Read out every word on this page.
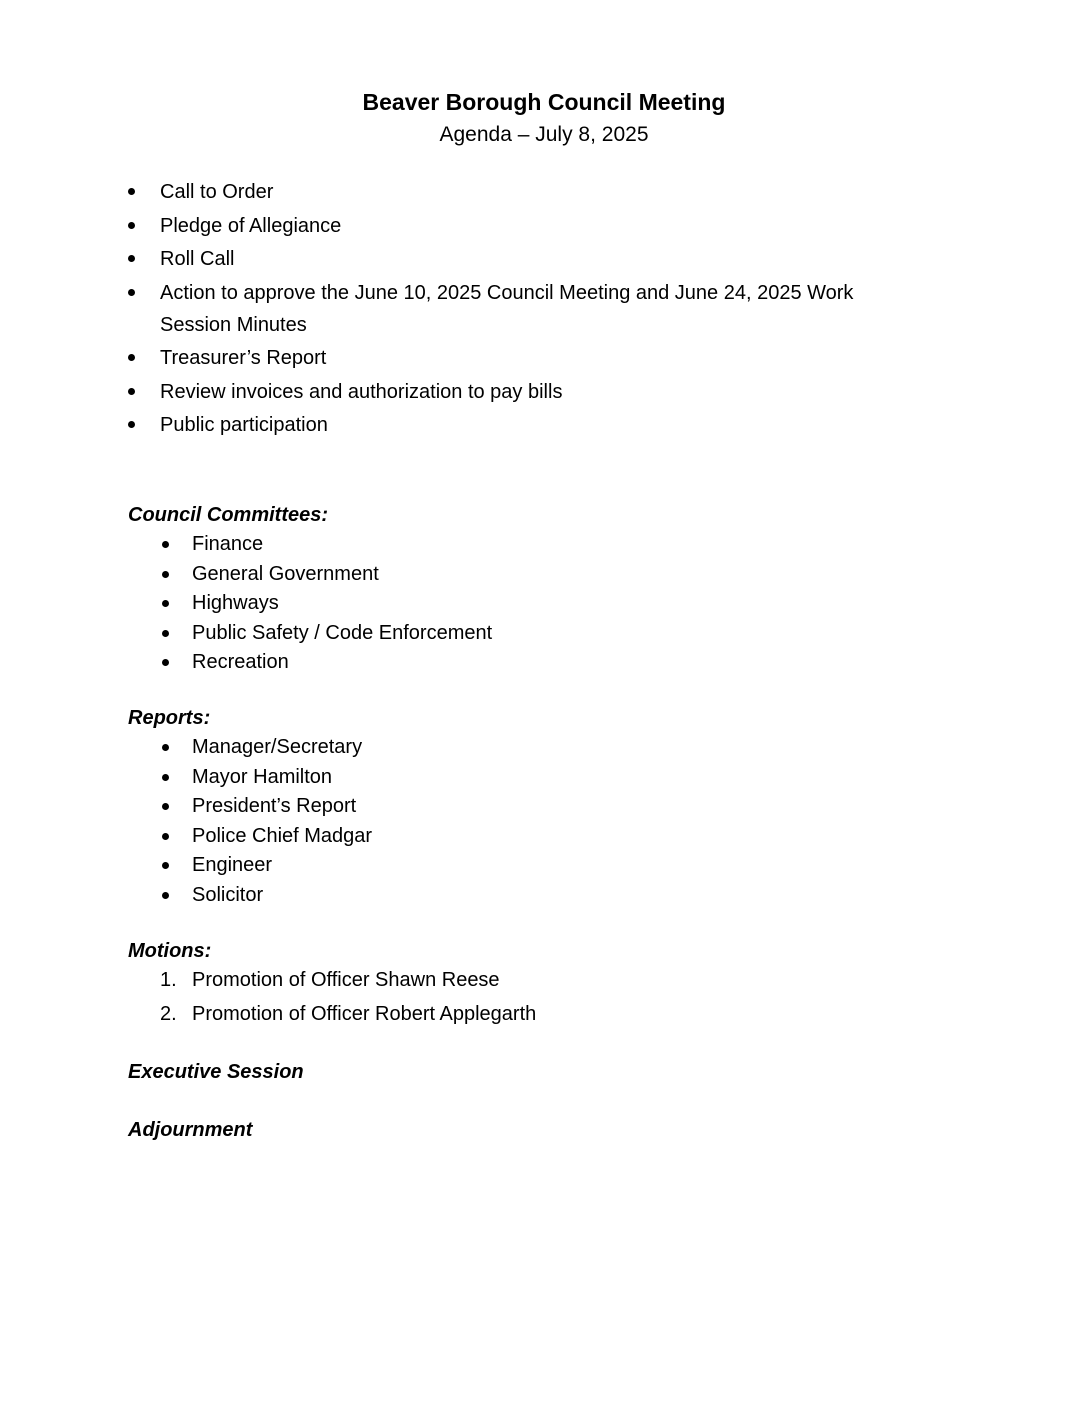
Beaver Borough Council Meeting
Agenda – July 8, 2025
Call to Order
Pledge of Allegiance
Roll Call
Action to approve the June 10, 2025 Council Meeting and June 24, 2025 Work Session Minutes
Treasurer’s Report
Review invoices and authorization to pay bills
Public participation
Council Committees:
Finance
General Government
Highways
Public Safety / Code Enforcement
Recreation
Reports:
Manager/Secretary
Mayor Hamilton
President’s Report
Police Chief Madgar
Engineer
Solicitor
Motions:
1. Promotion of Officer Shawn Reese
2. Promotion of Officer Robert Applegarth
Executive Session
Adjournment
